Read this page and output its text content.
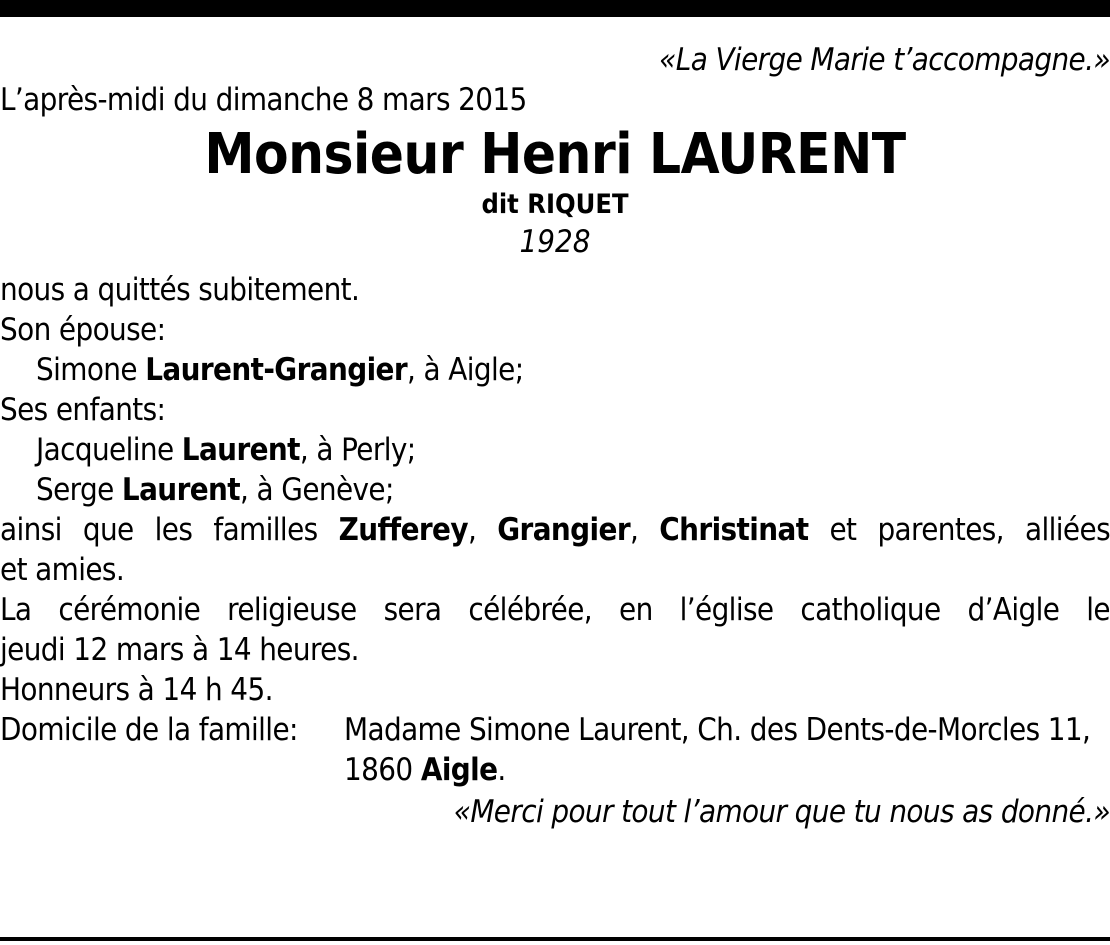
«La Vierge Marie t’accompagne.»
L’après-midi du dimanche 8 mars 2015
Monsieur Henri LAURENT
dit RIQUET
1928
nous a quittés subitement.
Son épouse:
Simone Laurent-Grangier, à Aigle;
Ses enfants:
Jacqueline Laurent, à Perly;
Serge Laurent, à Genève;
ainsi que les familles Zufferey, Grangier, Christinat et parentes, alliées
et amies.
La cérémonie religieuse sera célébrée, en l’église catholique d’Aigle le
jeudi 12 mars à 14 heures.
Honneurs à 14 h 45.
Domicile de la famille:	Madame Simone Laurent, Ch. des Dents-de-Morcles 11,
1860 Aigle.
«Merci pour tout l’amour que tu nous as donné.»
